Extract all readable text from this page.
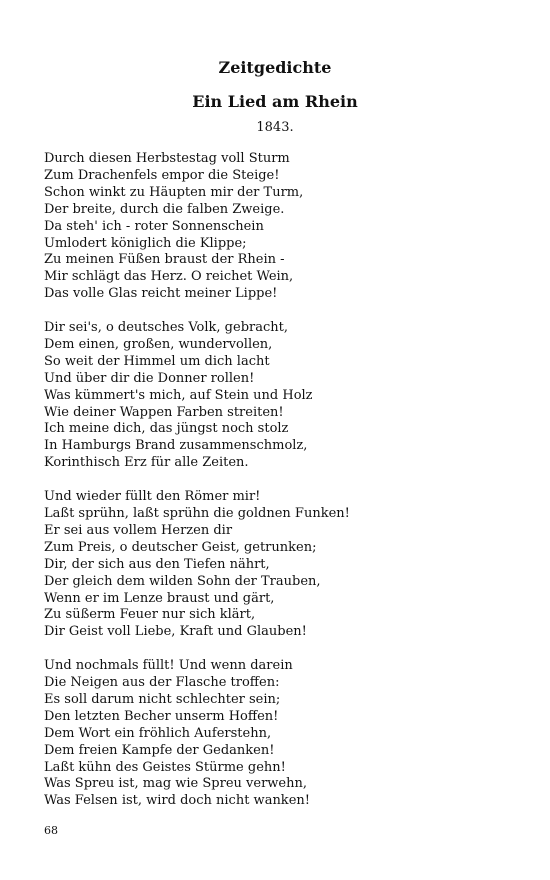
Zeitgedichte
Ein Lied am Rhein
1843.
Durch diesen Herbstestag voll Sturm
Zum Drachenfels empor die Steige!
Schon winkt zu Häupten mir der Turm,
Der breite, durch die falben Zweige.
Da steh' ich - roter Sonnenschein
Umlodert königlich die Klippe;
Zu meinen Füßen braust der Rhein -
Mir schlägt das Herz. O reichet Wein,
Das volle Glas reicht meiner Lippe!
Dir sei's, o deutsches Volk, gebracht,
Dem einen, großen, wundervollen,
So weit der Himmel um dich lacht
Und über dir die Donner rollen!
Was kümmert's mich, auf Stein und Holz
Wie deiner Wappen Farben streiten!
Ich meine dich, das jüngst noch stolz
In Hamburgs Brand zusammenschmolz,
Korinthisch Erz für alle Zeiten.
Und wieder füllt den Römer mir!
Laßt sprühn, laßt sprühn die goldnen Funken!
Er sei aus vollem Herzen dir
Zum Preis, o deutscher Geist, getrunken;
Dir, der sich aus den Tiefen nährt,
Der gleich dem wilden Sohn der Trauben,
Wenn er im Lenze braust und gärt,
Zu süßerm Feuer nur sich klärt,
Dir Geist voll Liebe, Kraft und Glauben!
Und nochmals füllt! Und wenn darein
Die Neigen aus der Flasche troffen:
Es soll darum nicht schlechter sein;
Den letzten Becher unserm Hoffen!
Dem Wort ein fröhlich Auferstehn,
Dem freien Kampfe der Gedanken!
Laßt kühn des Geistes Stürme gehn!
Was Spreu ist, mag wie Spreu verwehn,
Was Felsen ist, wird doch nicht wanken!
68
